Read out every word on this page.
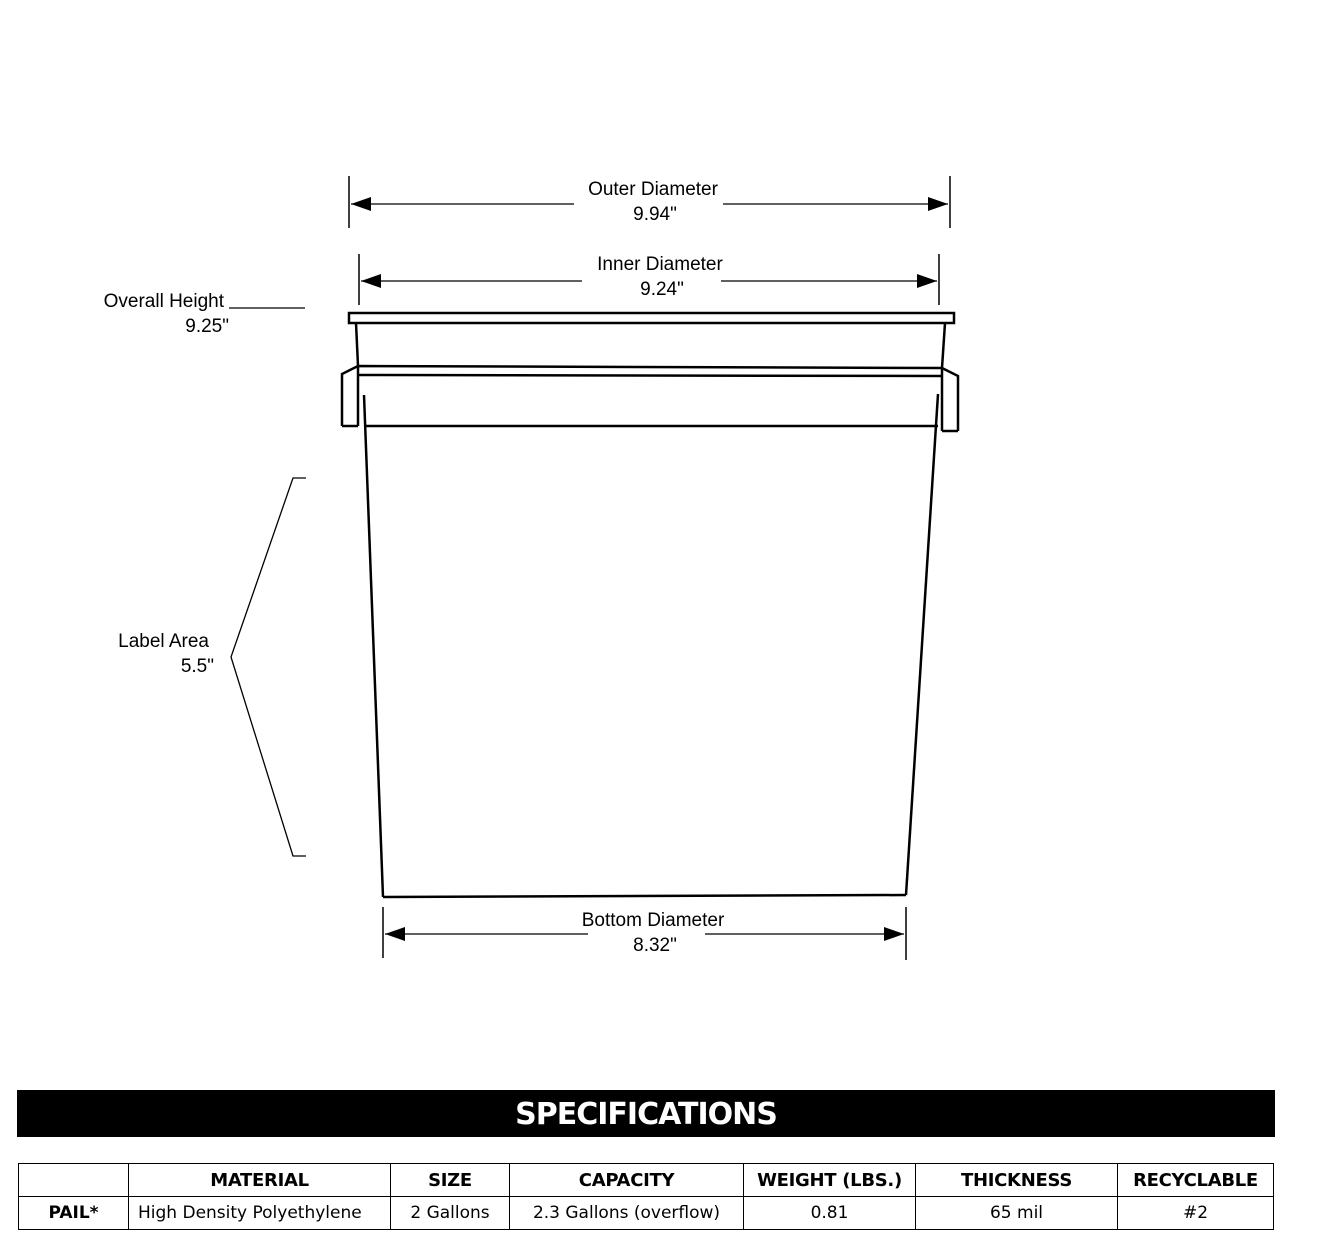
Outer Diameter
9.94"
Inner Diameter
9.24"
Overall Height
9.25"
Label Area
5.5"
Bottom Diameter
8.32"
SPECIFICATIONS
	MATERIAL	SIZE	CAPACITY	WEIGHT (LBS.)	THICKNESS	RECYCLABLE
PAIL*	High Density Polyethylene	2 Gallons	2.3 Gallons (overflow)	0.81	65 mil	#2
